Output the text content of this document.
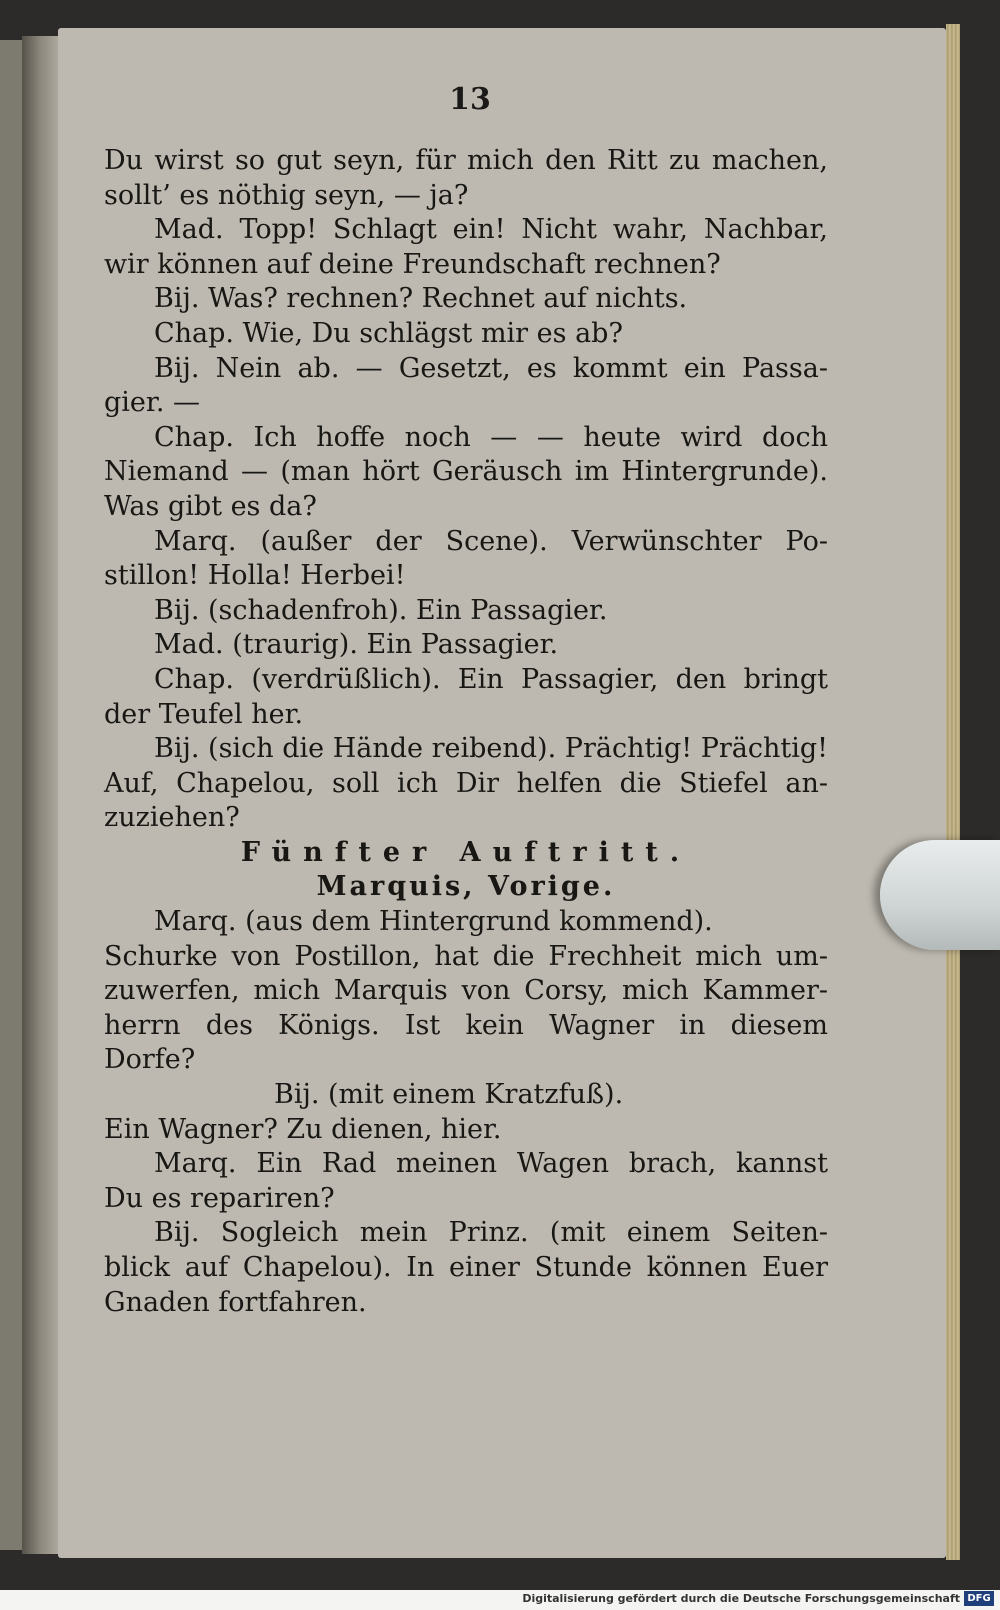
13
Du wirst so gut seyn, für mich den Ritt zu machen,
sollt’ es nöthig seyn, — ja?
Mad. Topp! Schlagt ein! Nicht wahr, Nachbar,
wir können auf deine Freundschaft rechnen?
Bij. Was? rechnen? Rechnet auf nichts.
Chap. Wie, Du schlägst mir es ab?
Bij. Nein ab. — Gesetzt, es kommt ein Passa-
gier. —
Chap. Ich hoffe noch — — heute wird doch
Niemand — (man hört Geräusch im Hintergrunde).
Was gibt es da?
Marq. (außer der Scene). Verwünschter Po-
stillon! Holla! Herbei!
Bij. (schadenfroh). Ein Passagier.
Mad. (traurig). Ein Passagier.
Chap. (verdrüßlich). Ein Passagier, den bringt
der Teufel her.
Bij. (sich die Hände reibend). Prächtig! Prächtig!
Auf, Chapelou, soll ich Dir helfen die Stiefel an-
zuziehen?
Fünfter Auftritt.
Marquis, Vorige.
Marq. (aus dem Hintergrund kommend).
Schurke von Postillon, hat die Frechheit mich um-
zuwerfen, mich Marquis von Corsy, mich Kammer-
herrn des Königs. Ist kein Wagner in diesem
Dorfe?
Bij. (mit einem Kratzfuß).
Ein Wagner? Zu dienen, hier.
Marq. Ein Rad meinen Wagen brach, kannst
Du es repariren?
Bij. Sogleich mein Prinz. (mit einem Seiten-
blick auf Chapelou). In einer Stunde können Euer
Gnaden fortfahren.
Digitalisierung gefördert durch die Deutsche Forschungsgemeinschaft DFG
